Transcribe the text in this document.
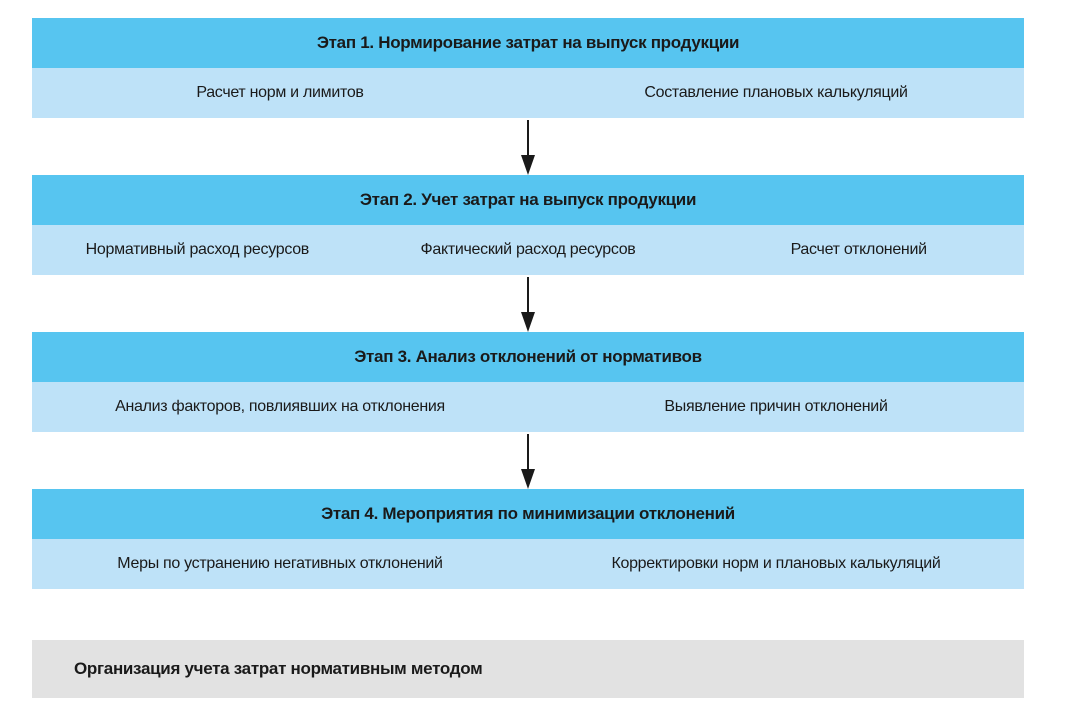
Этап 1. Нормирование затрат на выпуск продукции
Расчет норм и лимитов	Составление плановых калькуляций
Этап 2. Учет затрат на выпуск продукции
Нормативный расход ресурсов	Фактический расход ресурсов	Расчет отклонений
Этап 3. Анализ отклонений от нормативов
Анализ факторов, повлиявших на отклонения	Выявление причин отклонений
Этап 4. Мероприятия по минимизации отклонений
Меры по устранению негативных отклонений	Корректировки норм и плановых калькуляций
Организация учета затрат нормативным методом
